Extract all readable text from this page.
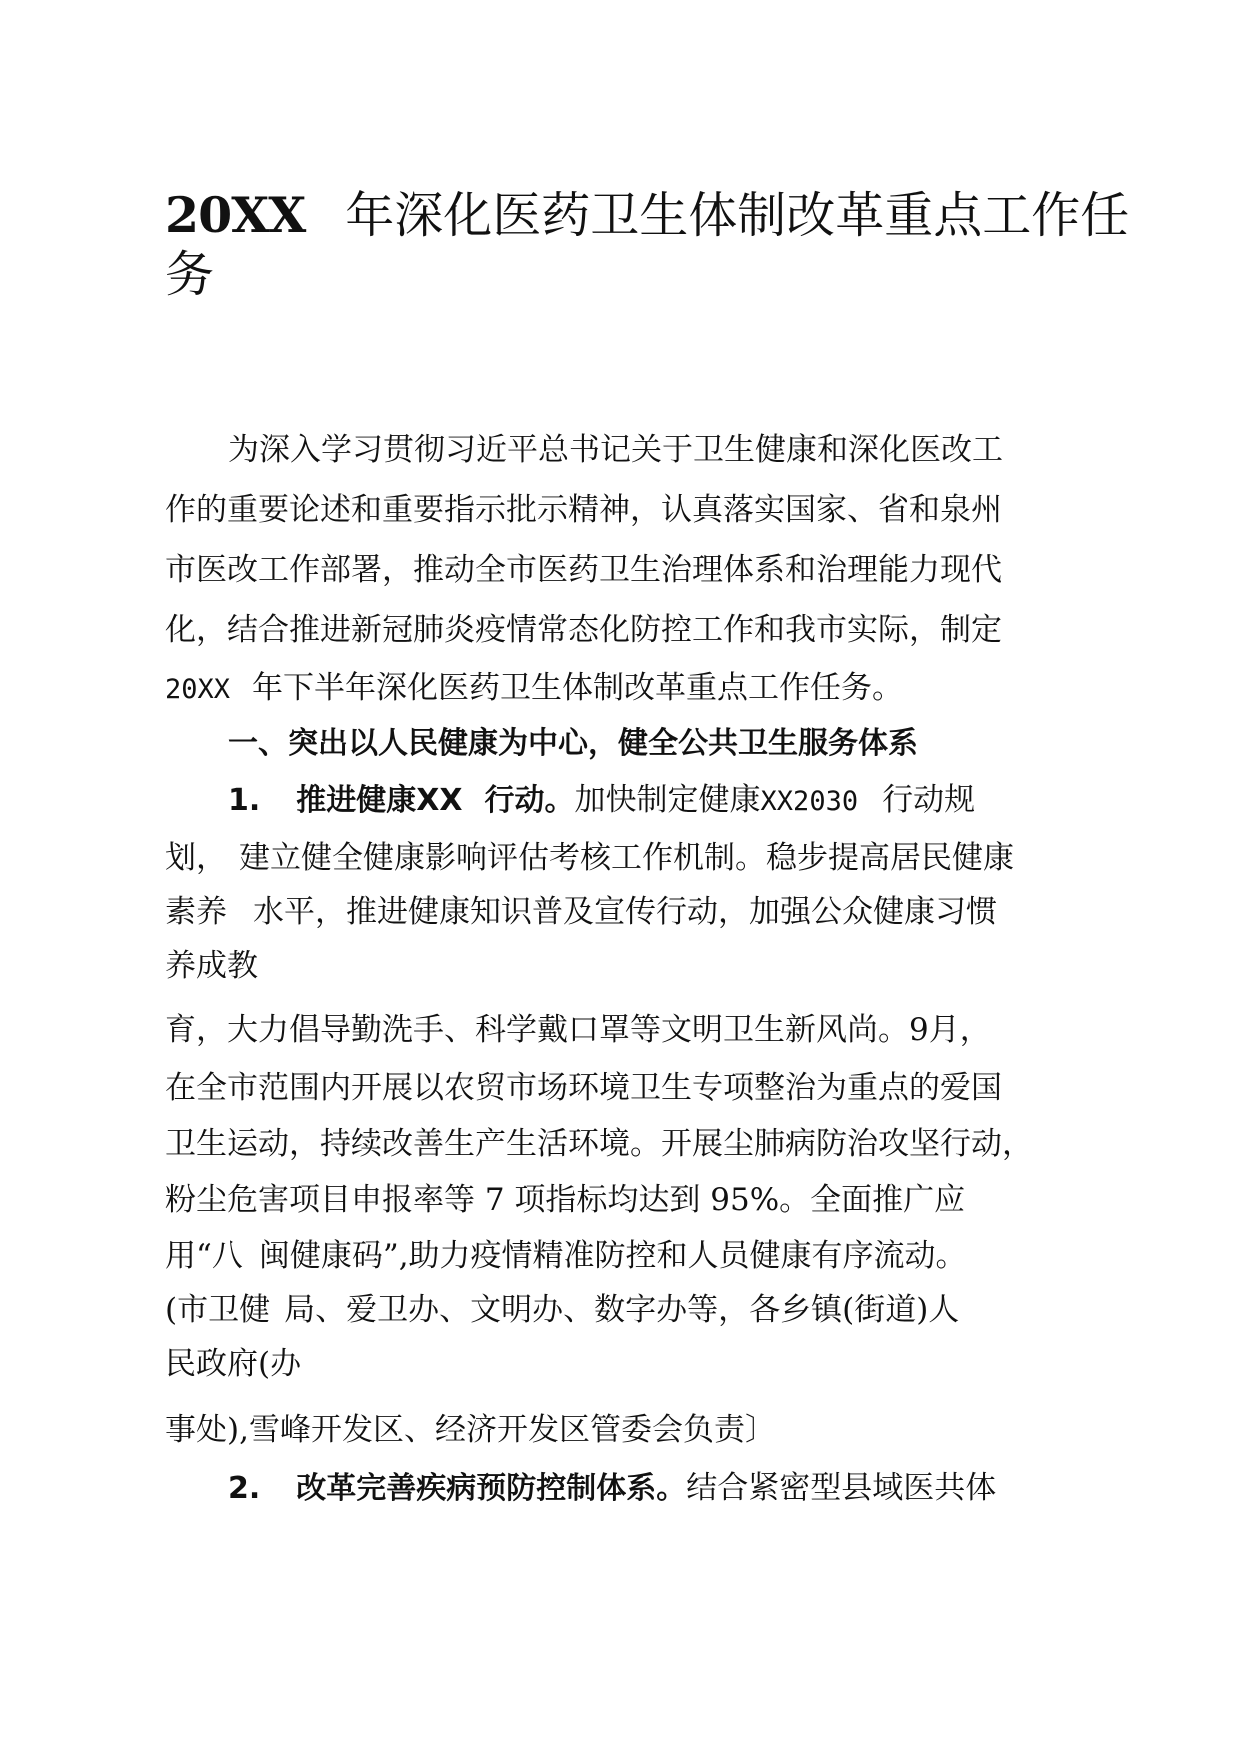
20XX 年深化医药卫生体制改革重点工作任
务
为深入学习贯彻习近平总书记关于卫生健康和深化医改工
作的重要论述和重要指示批示精神，认真落实国家、省和泉州
市医改工作部署，推动全市医药卫生治理体系和治理能力现代
化，结合推进新冠肺炎疫情常态化防控工作和我市实际，制定
20XX 年下半年深化医药卫生体制改革重点工作任务。
一、突出以人民健康为中心，健全公共卫生服务体系
1. 推进健康XX 行动。加快制定健康XX2030 行动规
划， 建立健全健康影响评估考核工作机制。稳步提高居民健康
素养 水平，推进健康知识普及宣传行动，加强公众健康习惯
养成教
育，大力倡导勤洗手、科学戴口罩等文明卫生新风尚。9月，
在全市范围内开展以农贸市场环境卫生专项整治为重点的爱国
卫生运动，持续改善生产生活环境。开展尘肺病防治攻坚行动，
粉尘危害项目申报率等 7 项指标均达到 95%。全面推广应
用“八 闽健康码”,助力疫情精准防控和人员健康有序流动。
(市卫健 局、爱卫办、文明办、数字办等，各乡镇(街道)人
民政府(办
事处),雪峰开发区、经济开发区管委会负责〕
2. 改革完善疾病预防控制体系。结合紧密型县域医共体
